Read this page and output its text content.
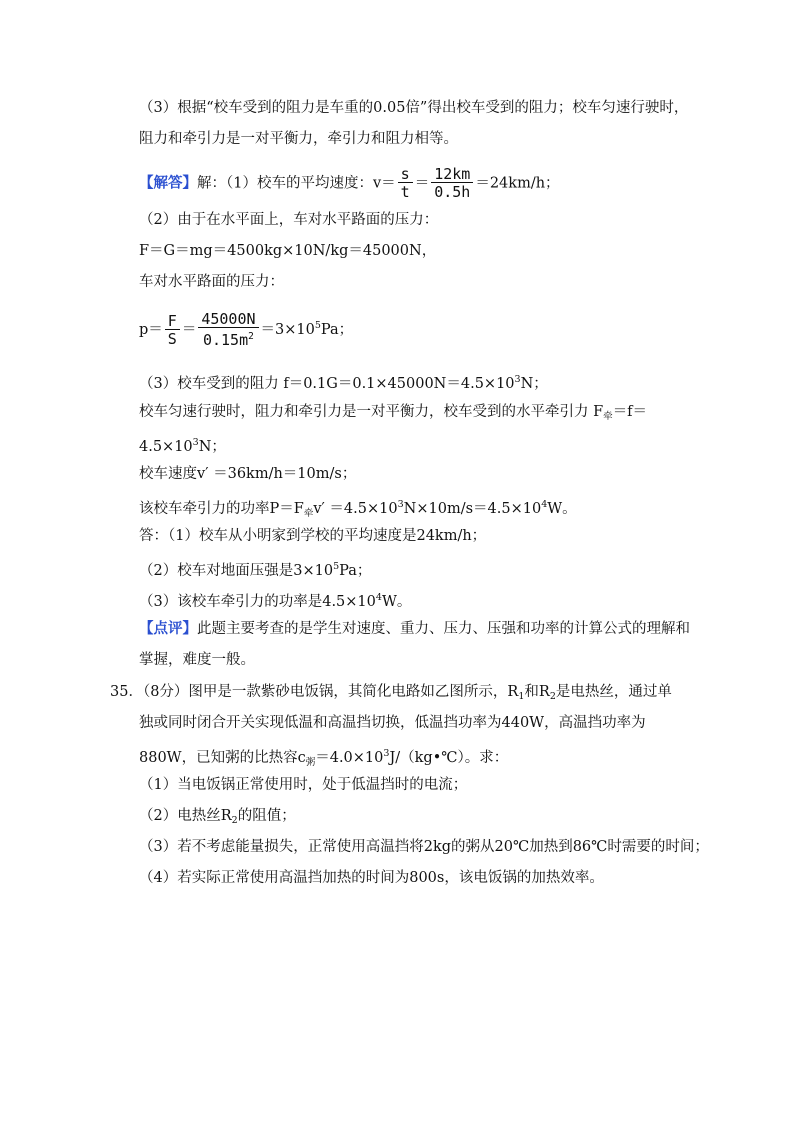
（3）根据“校车受到的阻力是车重的0.05倍”得出校车受到的阻力；校车匀速行驶时，
阻力和牵引力是一对平衡力，牵引力和阻力相等。
【解答】解：（1）校车的平均速度：$v= \frac{s}{t} = \frac{12km}{0.5h} =24km/h$；
（2）由于在水平面上，车对水平路面的压力：
F＝G＝mg＝4500kg×10N/kg＝45000N，
车对水平路面的压力：
$p= \frac{F}{S} = \frac{45000N}{0.15m^2} =3\times 10^5Pa$；
（3）校车受到的阻力 $f=0.1G=0.1\times 45000N=4.5\times 10^3N$；
校车匀速行驶时，阻力和牵引力是一对平衡力，校车受到的水平牵引力 $F_牵=f=$
$4.5\times 10^3N$；
校车速度v′ ＝36km/h＝10m/s；
该校车牵引力的功率$P=F_牵v' =4.5\times 10^3N\times 10m/s=4.5\times 10^4W$。
答：（1）校车从小明家到学校的平均速度是24km/h；
（2）校车对地面压强是$3\times 10^5Pa$；
（3）该校车牵引力的功率是$4.5\times 10^4W$。
【点评】此题主要考查的是学生对速度、重力、压力、压强和功率的计算公式的理解和
掌握，难度一般。
35．（8分）图甲是一款紫砂电饭锅，其简化电路如乙图所示，$R_1$和$R_2$是电热丝，通过单
独或同时闭合开关实现低温和高温挡切换，低温挡功率为440W，高温挡功率为
880W，已知粥的比热容$c_粥=4.0\times 10^3J/(kg•℃)$。求：
（1）当电饭锅正常使用时，处于低温挡时的电流；
（2）电热丝$R_2$的阻值；
（3）若不考虑能量损失，正常使用高温挡将2kg的粥从20℃加热到86℃时需要的时间；
（4）若实际正常使用高温挡加热的时间为800s，该电饭锅的加热效率。
